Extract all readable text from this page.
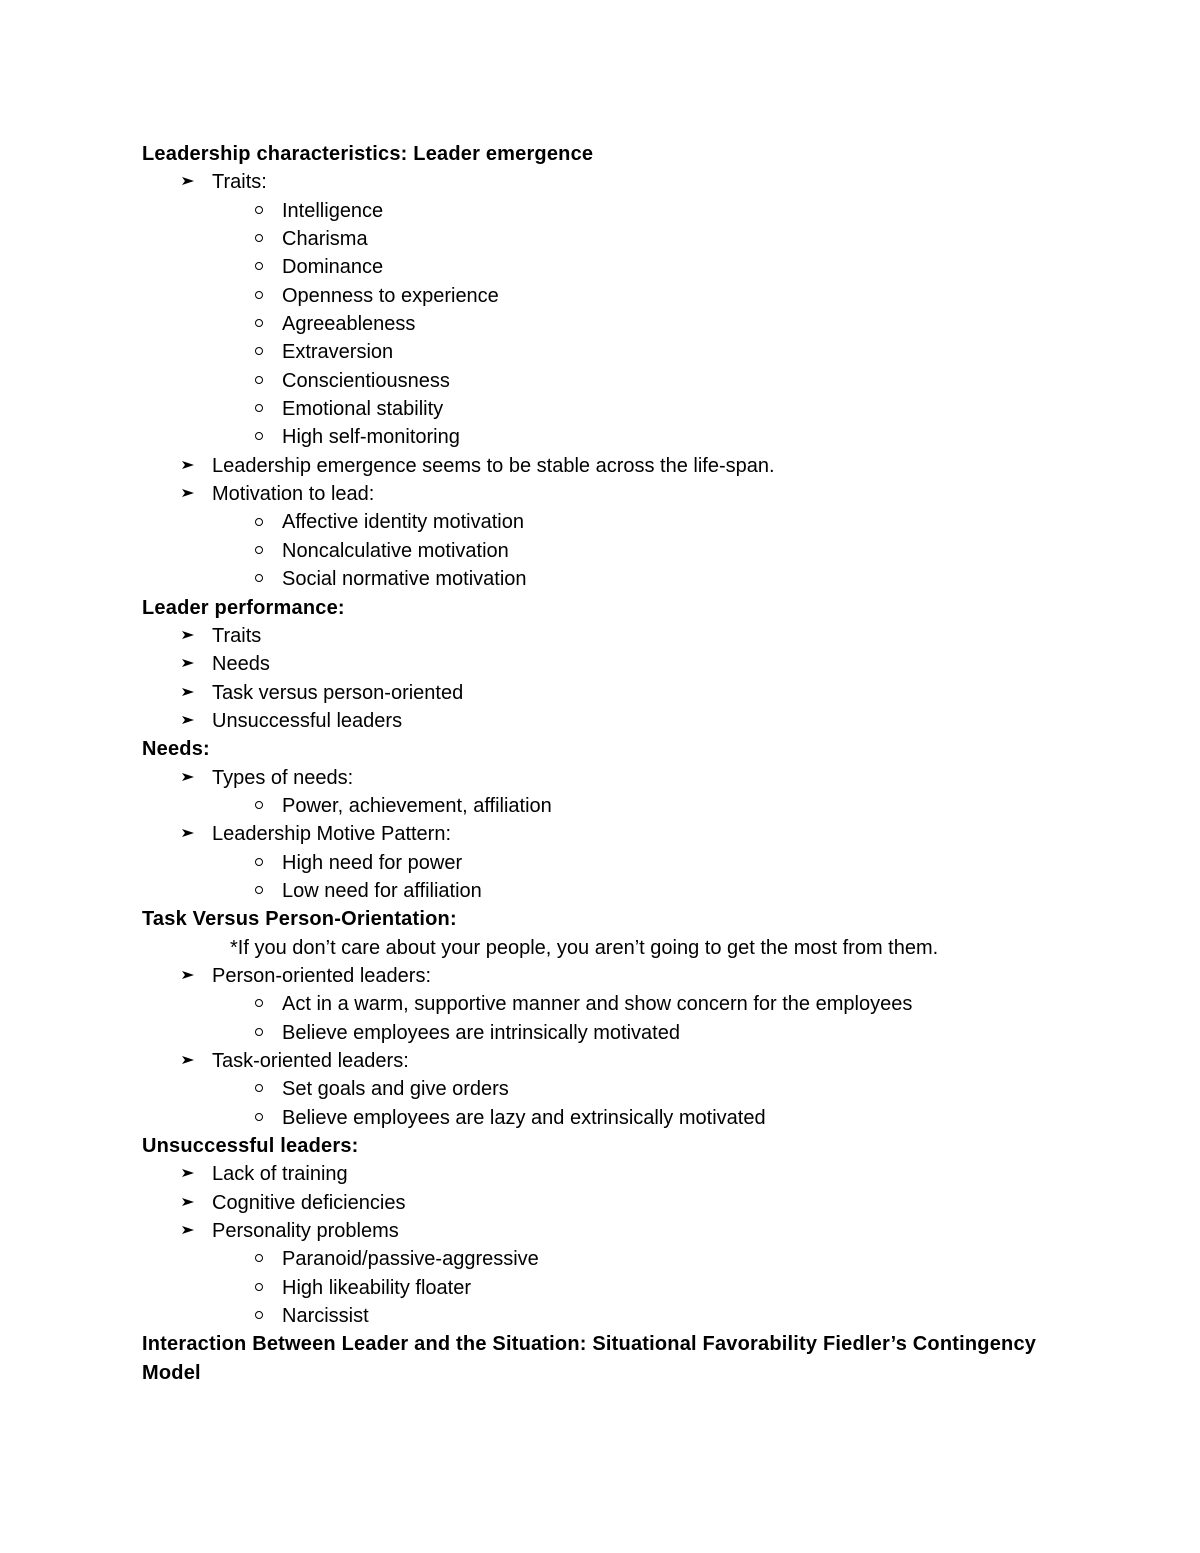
Leadership characteristics: Leader emergence
Traits:
Intelligence
Charisma
Dominance
Openness to experience
Agreeableness
Extraversion
Conscientiousness
Emotional stability
High self-monitoring
Leadership emergence seems to be stable across the life-span.
Motivation to lead:
Affective identity motivation
Noncalculative motivation
Social normative motivation
Leader performance:
Traits
Needs
Task versus person-oriented
Unsuccessful leaders
Needs:
Types of needs:
Power, achievement, affiliation
Leadership Motive Pattern:
High need for power
Low need for affiliation
Task Versus Person-Orientation:
*If you don’t care about your people, you aren’t going to get the most from them.
Person-oriented leaders:
Act in a warm, supportive manner and show concern for the employees
Believe employees are intrinsically motivated
Task-oriented leaders:
Set goals and give orders
Believe employees are lazy and extrinsically motivated
Unsuccessful leaders:
Lack of training
Cognitive deficiencies
Personality problems
Paranoid/passive-aggressive
High likeability floater
Narcissist
Interaction Between Leader and the Situation: Situational Favorability Fiedler’s Contingency Model
